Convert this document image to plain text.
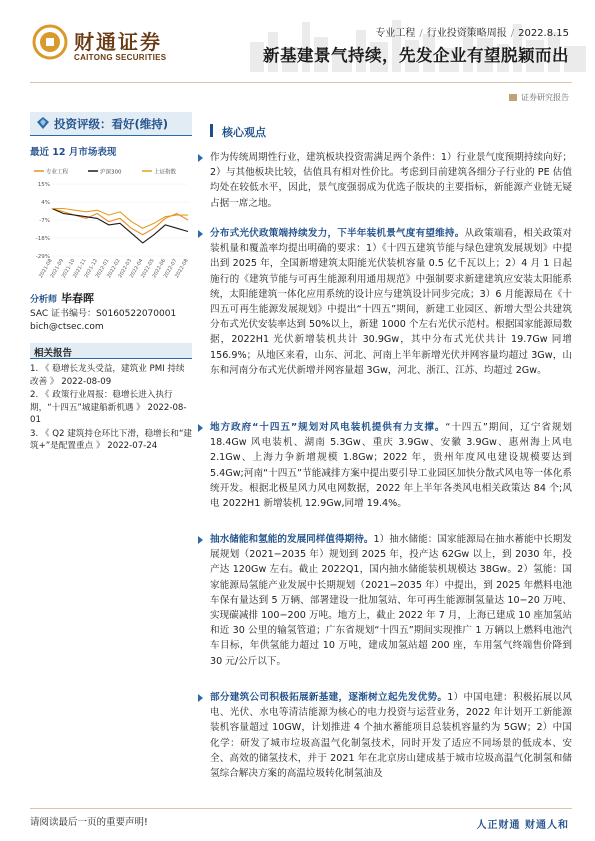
财通证券
CAITONG SECURITIES
专业工程 / 行业投资策略周报 / 2022.8.15
新基建景气持续，先发企业有望脱颖而出
证券研究报告
投资评级：看好(维持)
最近 12 月市场表现
专业工程	沪深300	上证指数
15%
4%
-7%
-18%
-29%
2021-08
2021-09
2021-10
2021-11
2021-12
2022-01
2022-02
2022-03
2022-04
2022-05
2022-06
2022-07
2022-08
分析师 毕春晖
SAC 证书编号：S0160522070001
bich@ctsec.com
相关报告
1. 《 稳增长龙头受益，建筑业 PMI 持续改善 》 2022-08-09
2. 《 政策行业周报：稳增长进入执行期，“十四五”城建船新机遇 》 2022-08-01
3. 《 Q2 建筑持仓环比下滑，稳增长和“建筑+”是配置重点 》 2022-07-24
核心观点
作为传统周期性行业，建筑板块投资需满足两个条件：1）行业景气度预期持续向好；2）与其他板块比较，估值具有相对性价比。考虑到目前建筑各细分子行业的 PE 估值均处在较低水平，因此，景气度强弱成为优选子版块的主要指标，新能源产业链无疑占据一席之地。
分布式光伏政策端持续发力，下半年装机景气度有望维持。从政策端看，相关政策对装机量和覆盖率均提出明确的要求：1）《十四五建筑节能与绿色建筑发展规划》中提出到 2025 年，全国新增建筑太阳能光伏装机容量 0.5 亿千瓦以上；2）4 月 1 日起施行的《建筑节能与可再生能源利用通用规范》中强制要求新建建筑应安装太阳能系统，太阳能建筑一体化应用系统的设计应与建筑设计同步完成；3）6 月能源局在《十四五可再生能源发展规划》中提出“十四五”期间，新建工业园区、新增大型公共建筑分布式光伏安装率达到 50%以上，新建 1000 个左右光伏示范村。根据国家能源局数据，2022H1 光伏新增装机共计 30.9Gw，其中分布式光伏共计 19.7Gw 同增 156.9%；从地区来看，山东、河北、河南上半年新增光伏并网容量均超过 3Gw，山东和河南分布式光伏新增并网容量超 3Gw，河北、浙江、江苏、均超过 2Gw。
地方政府“十四五”规划对风电装机提供有力支撑。“十四五”期间，辽宁省规划 18.4Gw 风电装机、湖南 5.3Gw、重庆 3.9Gw、安徽 3.9Gw、惠州海上风电 2.1Gw、上海力争新增规模 1.8Gw；2022 年，贵州年度风电建设规模要达到 5.4Gw;河南“十四五”节能减排方案中提出要引导工业园区加快分散式风电等一体化系统开发。根据北极星风力风电网数据，2022 年上半年各类风电相关政策达 84 个;风电 2022H1 新增装机 12.9Gw,同增 19.4%。
抽水储能和氢能的发展同样值得期待。1）抽水储能：国家能源局在抽水蓄能中长期发展规划（2021−2035 年）规划到 2025 年，投产达 62Gw 以上，到 2030 年，投产达 120Gw 左右。截止 2022Q1，国内抽水储能装机规模达 38Gw。2）氢能：国家能源局氢能产业发展中长期规划（2021−2035 年）中提出，到 2025 年燃料电池车保有量达到 5 万辆、部署建设一批加氢站、年可再生能源制氢量达 10−20 万吨、实现碳减排 100−200 万吨。地方上，截止 2022 年 7 月，上海已建成 10 座加氢站和近 30 公里的输氢管道；广东省规划“十四五”期间实现推广 1 万辆以上燃料电池汽车目标，年供氢能力超过 10 万吨，建成加氢站超 200 座，车用氢气终端售价降到 30 元/公斤以下。
部分建筑公司积极拓展新基建，逐渐树立起先发优势。1）中国电建：积极拓展以风电、光伏、水电等清洁能源为核心的电力投资与运营业务，2022 年计划开工新能源装机容量超过 10GW，计划推进 4 个抽水蓄能项目总装机容量约为 5GW；2）中国化学：研发了城市垃圾高温气化制氢技术，同时开发了适应不同场景的低成本、安全、高效的储氢技术，并于 2021 年在北京房山建成基于城市垃圾高温气化制氢和储氢综合解决方案的高温垃圾转化制氢油及
请阅读最后一页的重要声明!	人正财通 财通人和
